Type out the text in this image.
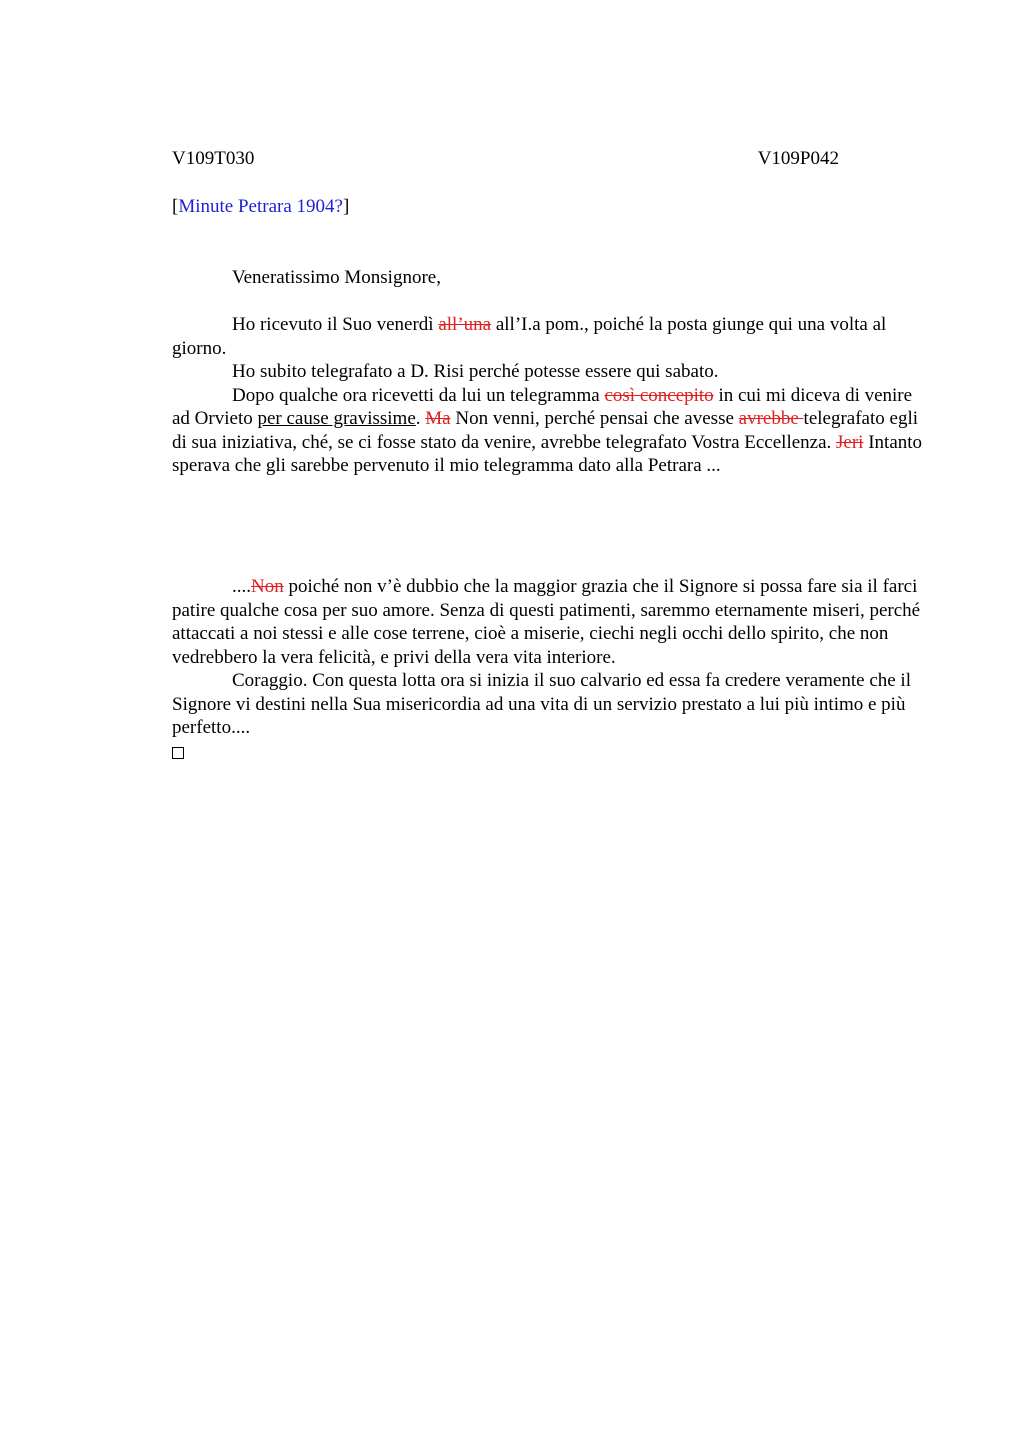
V109T030	V109P042
[Minute Petrara 1904?]
Veneratissimo Monsignore,

Ho ricevuto il Suo venerdì all’una all’I.a pom., poiché la posta giunge qui una volta al giorno.

Ho subito telegrafato a D. Risi perché potesse essere qui sabato.

Dopo qualche ora ricevetti da lui un telegramma così concepito in cui mi diceva di venire ad Orvieto per cause gravissime. Ma Non venni, perché pensai che avesse avrebbe telegrafato egli di sua iniziativa, ché, se ci fosse stato da venire, avrebbe telegrafato Vostra Eccellenza. Jeri Intanto sperava che gli sarebbe pervenuto il mio telegramma dato alla Petrara ...

....Non poiché non v’è dubbio che la maggior grazia che il Signore si possa fare sia il farci patire qualche cosa per suo amore. Senza di questi patimenti, saremmo eternamente miseri, perché attaccati a noi stessi e alle cose terrene, cioè a miserie, ciechi negli occhi dello spirito, che non vedrebbero la vera felicità, e privi della vera vita interiore.

Coraggio. Con questa lotta ora si inizia il suo calvario ed essa fa credere veramente che il Signore vi destini nella Sua misericordia ad una vita di un servizio prestato a lui più intimo e più perfetto....
